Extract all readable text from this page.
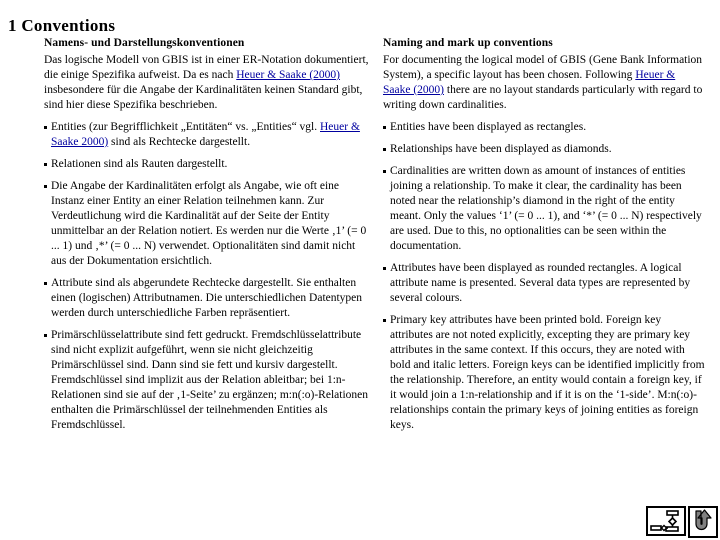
1 Conventions
Namens- und Darstellungskonventionen

Das logische Modell von GBIS ist in einer ER-Notation dokumentiert, die einige Spezifika aufweist. Da es nach Heuer & Saake (2000) insbesondere für die Angabe der Kardinalitäten keinen Standard gibt, sind hier diese Spezifika beschrieben.

Entities (zur Begrifflichkeit „Entitäten“ vs. „Entities“ vgl. Heuer & Saake 2000) sind als Rechtecke dargestellt.
Relationen sind als Rauten dargestellt.
Die Angabe der Kardinalitäten erfolgt als Angabe, wie oft eine Instanz einer Entity an einer Relation teilnehmen kann. Zur Verdeutlichung wird die Kardinalität auf der Seite der Entity unmittelbar an der Relation notiert. Es werden nur die Werte ‚1’ (= 0 ... 1) und ‚*’ (= 0 ... N) verwendet. Optionalitäten sind damit nicht aus der Dokumentation ersichtlich.
Attribute sind als abgerundete Rechtecke dargestellt. Sie enthalten einen (logischen) Attributnamen. Die unterschiedlichen Datentypen werden durch unterschiedliche Farben repräsentiert.
Primärschlüsselattribute sind fett gedruckt. Fremdschlüsselattribute sind nicht explizit aufgeführt, wenn sie nicht gleichzeitig Primärschlüssel sind. Dann sind sie fett und kursiv dargestellt. Fremdschlüssel sind implizit aus der Relation ableitbar; bei 1:n-Relationen sind sie auf der ‚1-Seite’ zu ergänzen; m:n(:o)-Relationen enthalten die Primärschlüssel der teilnehmenden Entities als Fremdschlüssel.
Naming and mark up conventions

For documenting the logical model of GBIS (Gene Bank Information System), a specific layout has been chosen. Following Heuer & Saake (2000) there are no layout standards particularly with regard to writing down cardinalities.

Entities have been displayed as rectangles.
Relationships have been displayed as diamonds.
Cardinalities are written down as amount of instances of entities joining a relationship. To make it clear, the cardinality has been noted near the relationship’s diamond in the right of the entity meant. Only the values ‘1’ (= 0 ... 1), and ‘*’ (= 0 ... N) respectively are used. Due to this, no optionalities can be seen within the documentation.
Attributes have been displayed as rounded rectangles. A logical attribute name is presented. Several data types are represented by several colours.
Primary key attributes have been printed bold. Foreign key attributes are not noted explicitly, excepting they are primary key attributes in the same context. If this occurs, they are noted with bold and italic letters. Foreign keys can be identified implicitly from the relationship. Therefore, an entity would contain a foreign key, if it would join a 1:n-relationship and if it is on the ‘1-side’. M:n(:o)-relationships contain the primary keys of joining entities as foreign keys.
